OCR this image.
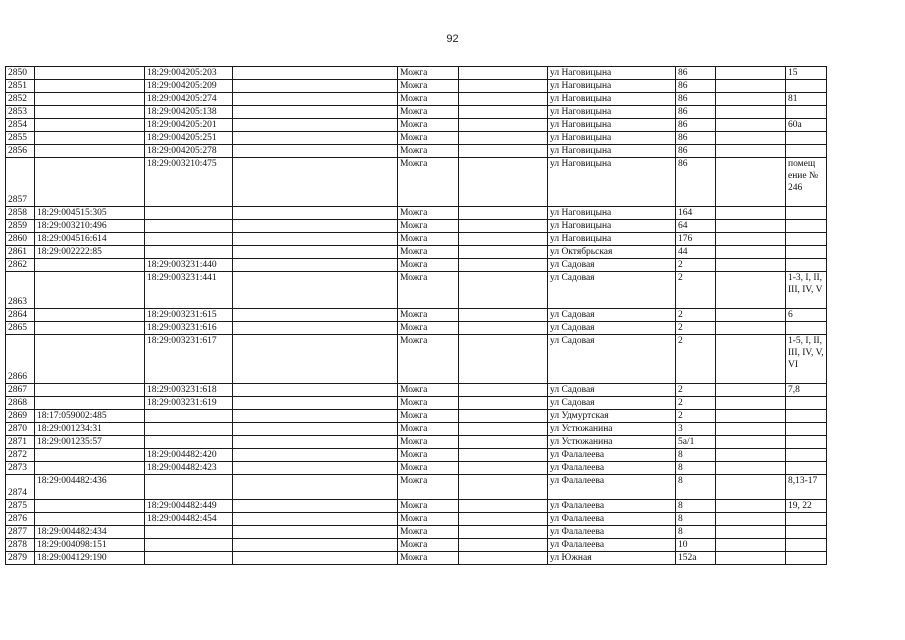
92
2850		18:29:004205:203		Можга		ул Наговицына	86		15
2851		18:29:004205:209		Можга		ул Наговицына	86		
2852		18:29:004205:274		Можга		ул Наговицына	86		81
2853		18:29:004205:138		Можга		ул Наговицына	86		
2854		18:29:004205:201		Можга		ул Наговицына	86		60а
2855		18:29:004205:251		Можга		ул Наговицына	86		
2856		18:29:004205:278		Можга		ул Наговицына	86		
2857		18:29:003210:475		Можга		ул Наговицына	86		помещ ение № 246
2858	18:29:004515:305			Можга		ул Наговицына	164		
2859	18:29:003210:496			Можга		ул Наговицына	64		
2860	18:29:004516:614			Можга		ул Наговицына	176		
2861	18:29:002222:85			Можга		ул Октябрьская	44		
2862		18:29:003231:440		Можга		ул Садовая	2		
2863		18:29:003231:441		Можга		ул Садовая	2		1-3, I, II, III, IV, V
2864		18:29:003231:615		Можга		ул Садовая	2		6
2865		18:29:003231:616		Можга		ул Садовая	2		
2866		18:29:003231:617		Можга		ул Садовая	2		1-5, I, II, III, IV, V, VI
2867		18:29:003231:618		Можга		ул Садовая	2		7,8
2868		18:29:003231:619		Можга		ул Садовая	2		
2869	18:17:059002:485			Можга		ул Удмуртская	2		
2870	18:29:001234:31			Можга		ул Устюжанина	3		
2871	18:29:001235:57			Можга		ул Устюжанина	5а/1		
2872		18:29:004482:420		Можга		ул Фалалеева	8		
2873		18:29:004482:423		Можга		ул Фалалеева	8		
2874	18:29:004482:436			Можга		ул Фалалеева	8		8,13-17
2875		18:29:004482:449		Можга		ул Фалалеева	8		19, 22
2876		18:29:004482:454		Можга		ул Фалалеева	8		
2877	18:29:004482:434			Можга		ул Фалалеева	8		
2878	18:29:004098:151			Можга		ул Фалалеева	10		
2879	18:29:004129:190			Можга		ул Южная	152а		
